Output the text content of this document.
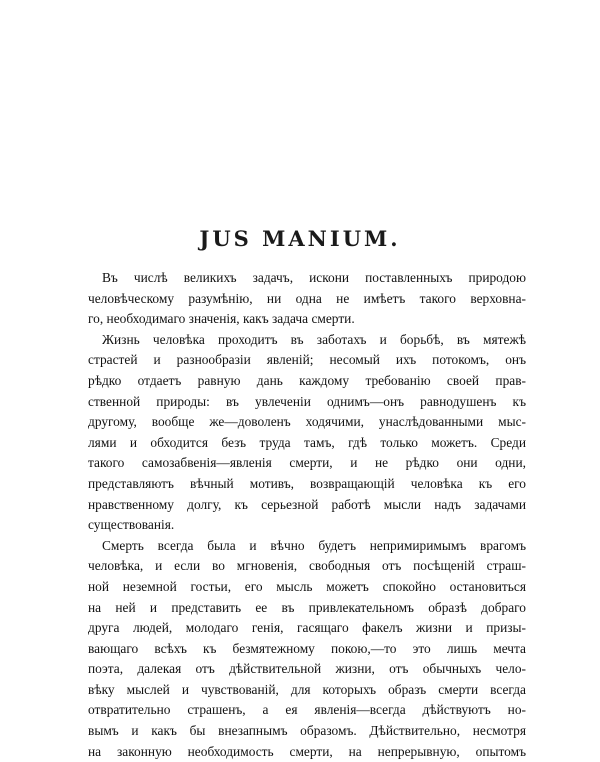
JUS MANIUM.
Въ числѣ великихъ задачъ, искони поставленныхъ природою
человѣческому разумѣнію, ни одна не имѣетъ такого верховна-
го, необходимаго значенія, какъ задача смерти.
Жизнь человѣка проходитъ въ заботахъ и борьбѣ, въ мятежѣ
страстей и разнообразіи явленій; несомый ихъ потокомъ, онъ
рѣдко отдаетъ равную дань каждому требованію своей прав-
ственной природы: въ увлеченіи однимъ—онъ равнодушенъ къ
другому, вообще же—доволенъ ходячими, унаслѣдованными мыс-
лями и обходится безъ труда тамъ, гдѣ только можетъ. Среди
такого самозабвенія—явленія смерти, и не рѣдко они одни,
представляютъ вѣчный мотивъ, возвращающій человѣка къ его
нравственному долгу, къ серьезной работѣ мысли надъ задачами
существованія.
Смерть всегда была и вѣчно будетъ непримиримымъ врагомъ
человѣка, и если во мгновенія, свободныя отъ посѣщеній страш-
ной неземной гостьи, его мысль можетъ спокойно остановиться
на ней и представить ее въ привлекательномъ образѣ добраго
друга людей, молодаго генія, гасящаго факелъ жизни и призы-
вающаго всѣхъ къ безмятежному покою,—то это лишь мечта
поэта, далекая отъ дѣйствительной жизни, отъ обычныхъ чело-
вѣку мыслей и чувствованій, для которыхъ образъ смерти всегда
отвратительно страшенъ, а ея явленія—всегда дѣйствуютъ но-
вымъ и какъ бы внезапнымъ образомъ. Дѣйствительно, несмотря
на законную необходимость смерти, на непрерывную, опытомъ
